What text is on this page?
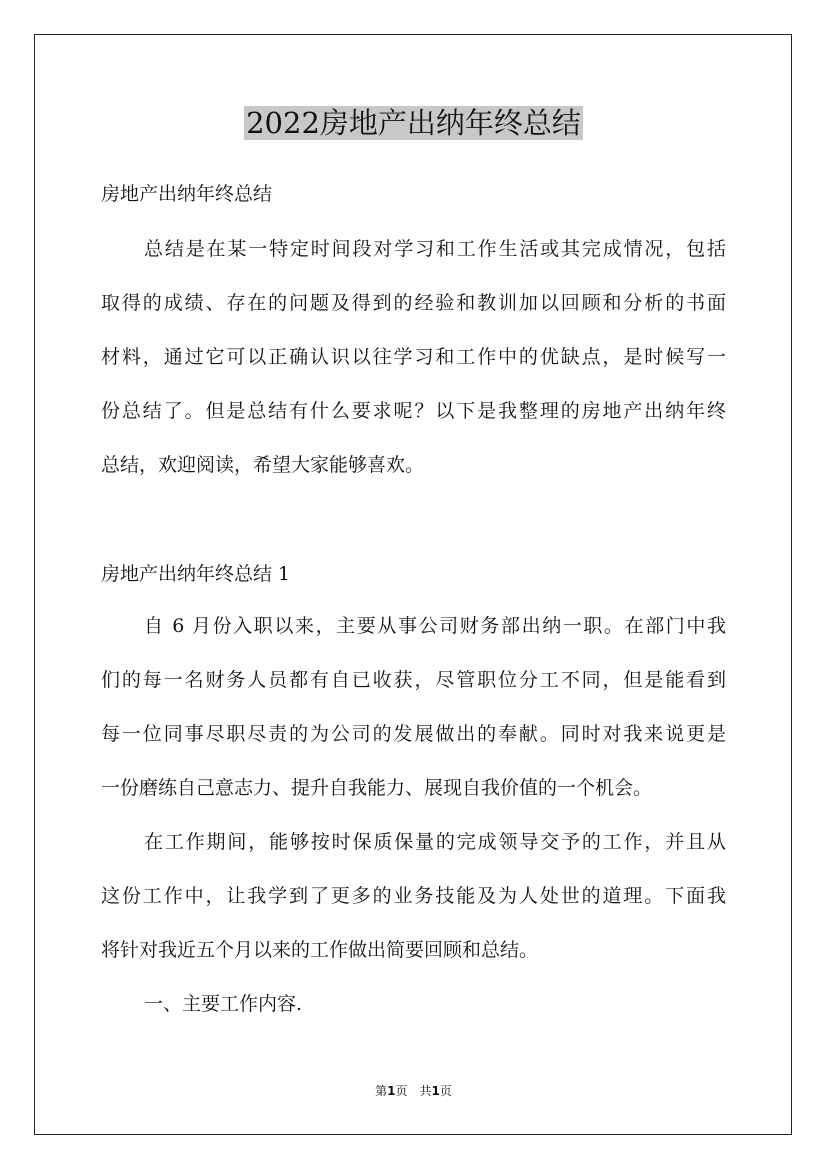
2022房地产出纳年终总结
房地产出纳年终总结
总结是在某一特定时间段对学习和工作生活或其完成情况，包括
取得的成绩、存在的问题及得到的经验和教训加以回顾和分析的书面
材料，通过它可以正确认识以往学习和工作中的优缺点，是时候写一
份总结了。但是总结有什么要求呢？以下是我整理的房地产出纳年终
总结，欢迎阅读，希望大家能够喜欢。
房地产出纳年终总结 1
自 6 月份入职以来，主要从事公司财务部出纳一职。在部门中我
们的每一名财务人员都有自已收获，尽管职位分工不同，但是能看到
每一位同事尽职尽责的为公司的发展做出的奉献。同时对我来说更是
一份磨练自己意志力、提升自我能力、展现自我价值的一个机会。
在工作期间，能够按时保质保量的完成领导交予的工作，并且从
这份工作中，让我学到了更多的业务技能及为人处世的道理。下面我
将针对我近五个月以来的工作做出简要回顾和总结。
一、主要工作内容.
第1页　共1页
